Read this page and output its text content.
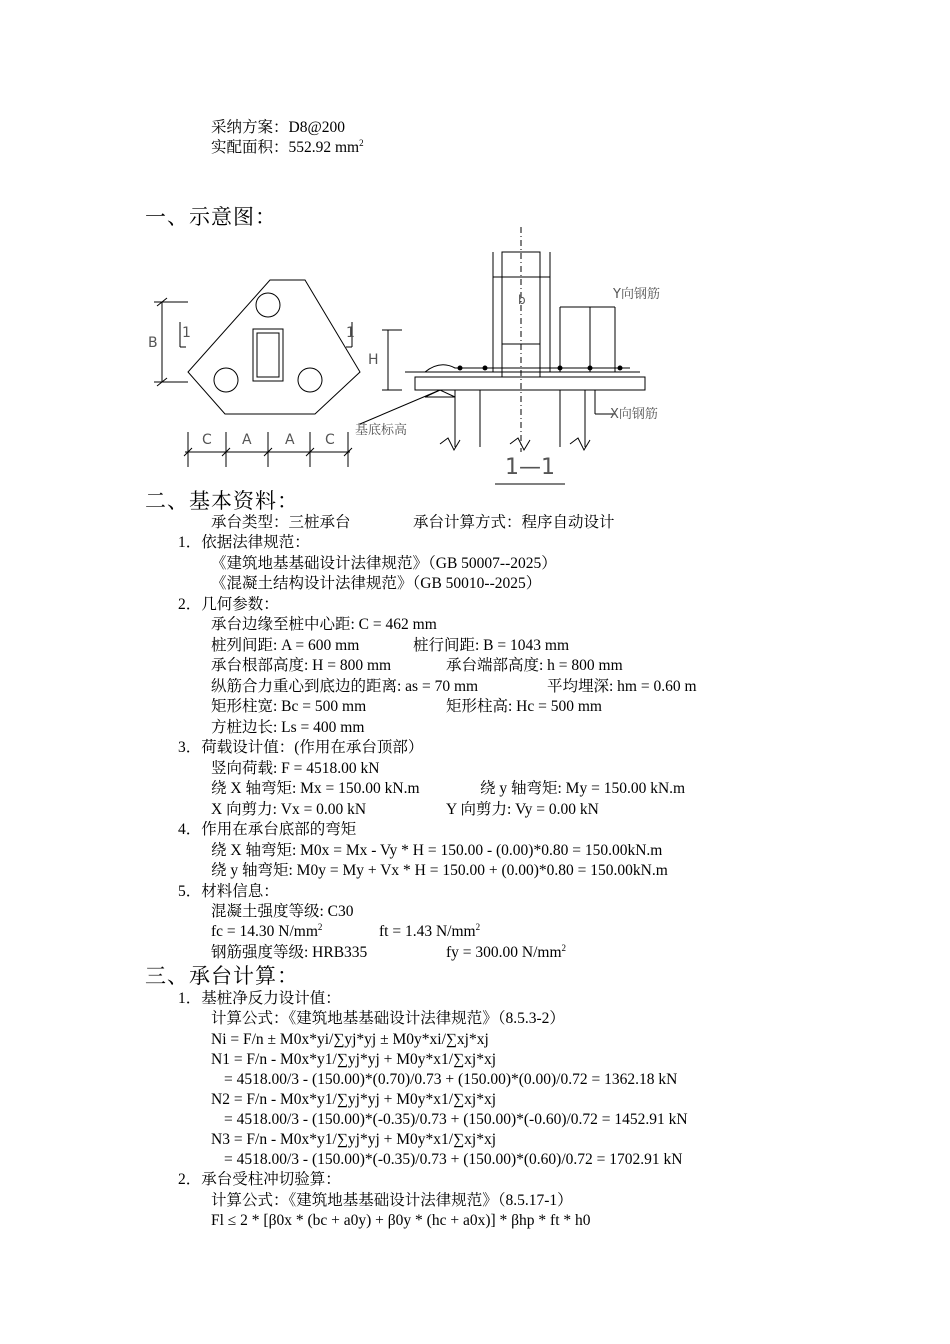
采纳方案：D8@200
实配面积：552.92 $mm^2$
一、示意图：
B
1	1
H
C A A C
b
基底标高
Y向钢筋
X向钢筋
1—1
二、基本资料：
承台类型：三桩承台	承台计算方式：程序自动设计
1．依据法律规范：
《建筑地基基础设计法律规范》（GB 50007--2025）
《混凝土结构设计法律规范》（GB 50010--2025）
2．几何参数：
承台边缘至桩中心距: C = 462 mm
桩列间距: A = 600 mm	桩行间距: B = 1043 mm
承台根部高度: H = 800 mm	承台端部高度: h = 800 mm
纵筋合力重心到底边的距离: as = 70 mm	平均埋深: hm = 0.60 m
矩形柱宽: Bc = 500 mm	矩形柱高: Hc = 500 mm
方桩边长: Ls = 400 mm
3．荷载设计值：(作用在承台顶部）
竖向荷载: F = 4518.00 kN
绕 X 轴弯矩: Mx = 150.00 kN.m	绕 y 轴弯矩: My = 150.00 kN.m
X 向剪力: Vx = 0.00 kN	Y 向剪力: Vy = 0.00 kN
4．作用在承台底部的弯矩
绕 X 轴弯矩: M0x = Mx - Vy * H = 150.00 - (0.00)*0.80 = 150.00kN.m
绕 y 轴弯矩: M0y = My + Vx * H = 150.00 + (0.00)*0.80 = 150.00kN.m
5．材料信息：
混凝土强度等级: C30
fc = 14.30 $N/mm^2$	ft = 1.43 $N/mm^2$
钢筋强度等级: HRB335	fy = 300.00 $N/mm^2$
三、承台计算：
1．基桩净反力设计值：
计算公式：《建筑地基基础设计法律规范》（8.5.3-2）
Ni = F/n ± M0x*yi/∑yj*yj ± M0y*xi/∑xj*xj
N1 = F/n - M0x*y1/∑yj*yj + M0y*x1/∑xj*xj
= 4518.00/3 - (150.00)*(0.70)/0.73 + (150.00)*(0.00)/0.72 = 1362.18 kN
N2 = F/n - M0x*y1/∑yj*yj + M0y*x1/∑xj*xj
= 4518.00/3 - (150.00)*(-0.35)/0.73 + (150.00)*(-0.60)/0.72 = 1452.91 kN
N3 = F/n - M0x*y1/∑yj*yj + M0y*x1/∑xj*xj
= 4518.00/3 - (150.00)*(-0.35)/0.73 + (150.00)*(0.60)/0.72 = 1702.91 kN
2．承台受柱冲切验算：
计算公式：《建筑地基基础设计法律规范》（8.5.17-1）
Fl ≤ 2 * [β0x * (bc + a0y) + β0y * (hc + a0x)] * βhp * ft * h0
